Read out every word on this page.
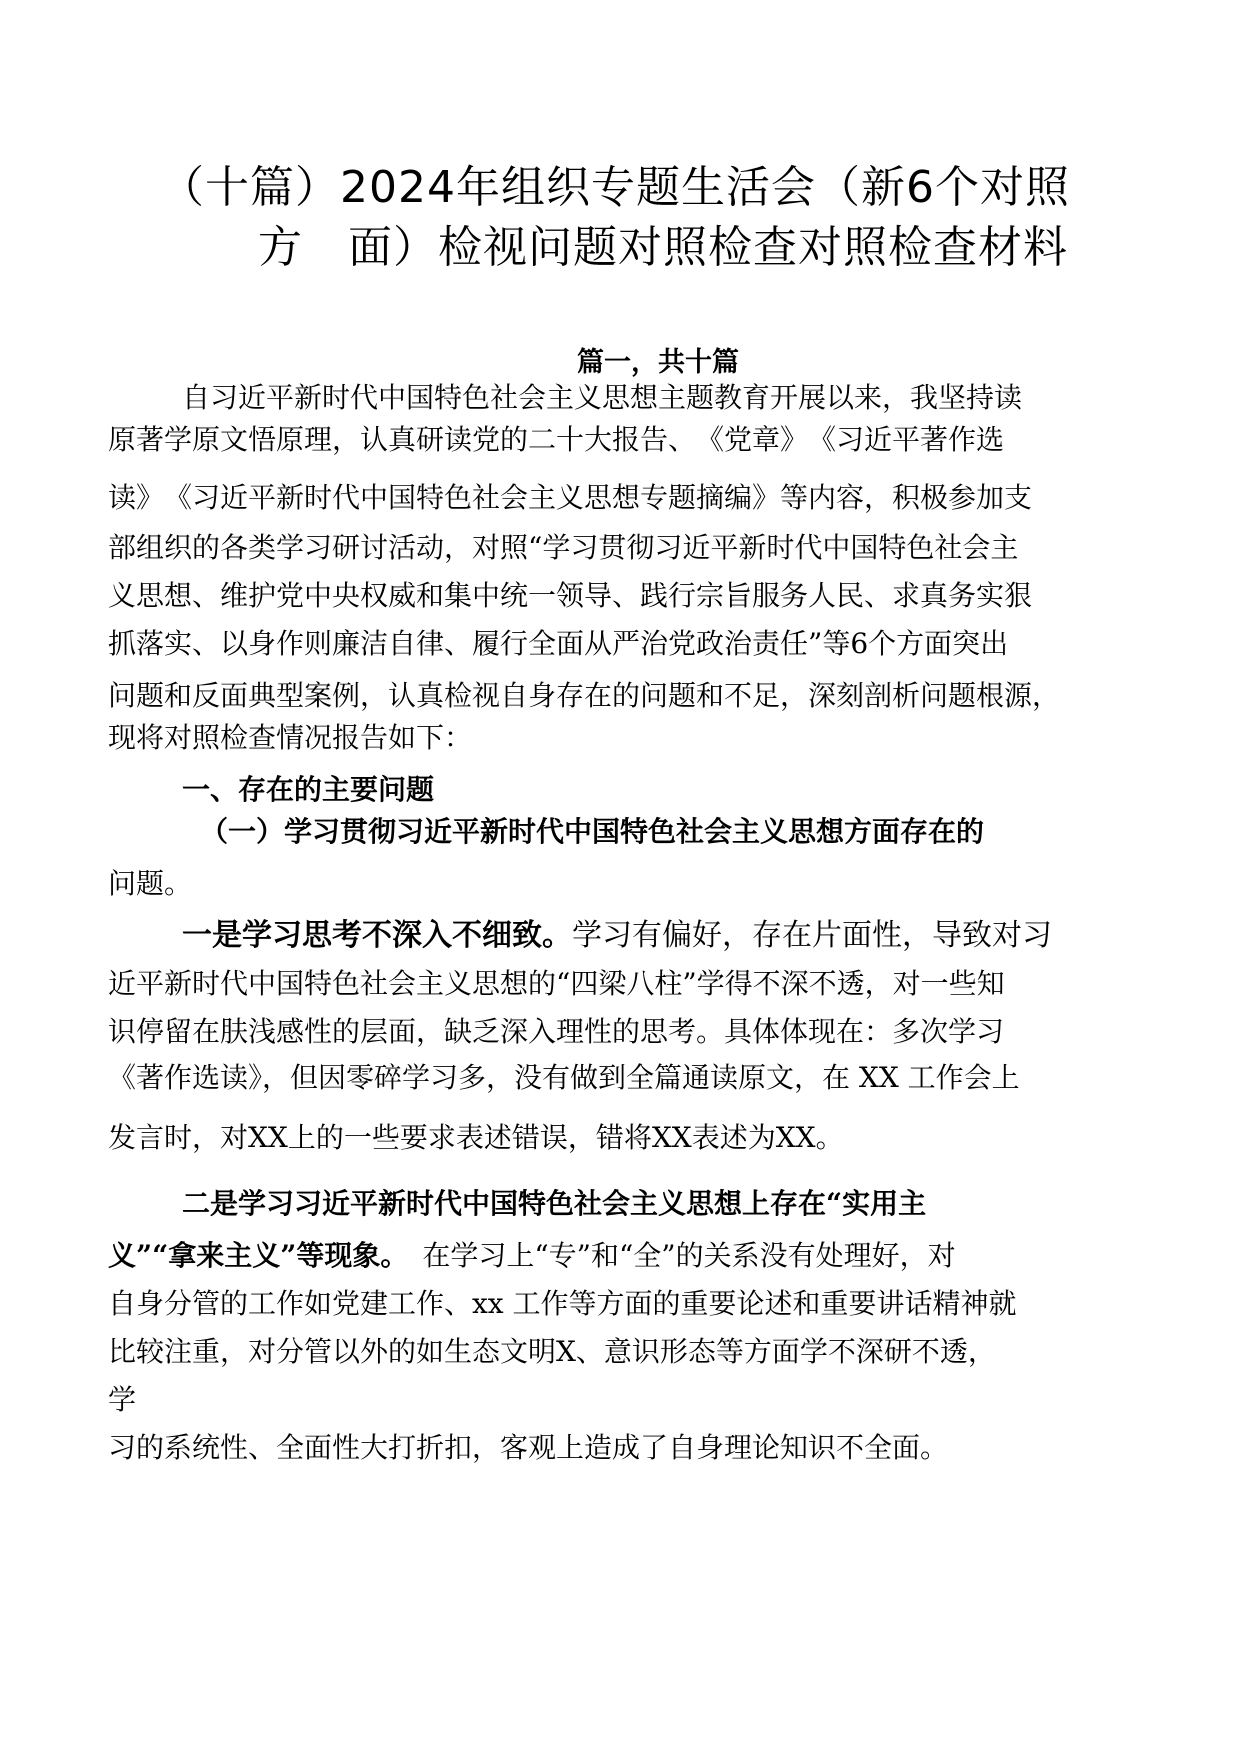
（十篇）2024年组织专题生活会（新6个对照
方　面）检视问题对照检查对照检查材料
篇一，共十篇
自习近平新时代中国特色社会主义思想主题教育开展以来，我坚持读
原著学原文悟原理，认真研读党的二十大报告、　《党章》　《习近平著作选
读》　《习近平新时代中国特色社会主义思想专题摘编》等内容，积极参加支
部组织的各类学习研讨活动，对照“学习贯彻习近平新时代中国特色社会主
义思想、维护党中央权威和集中统一领导、践行宗旨服务人民、求真务实狠
抓落实、以身作则廉洁自律、履行全面从严治党政治责任”等6个方面突出
问题和反面典型案例，认真检视自身存在的问题和不足，深刻剖析问题根源，
现将对照检查情况报告如下：
一、存在的主要问题
（一）学习贯彻习近平新时代中国特色社会主义思想方面存在的
问题。
一是学习思考不深入不细致。学习有偏好，存在片面性，导致对习
近平新时代中国特色社会主义思想的“四梁八柱”学得不深不透，对一些知
识停留在肤浅感性的层面，缺乏深入理性的思考。具体体现在：多次学习
《著作选读》，但因零碎学习多，没有做到全篇通读原文，在 XX 工作会上
发言时，对XX上的一些要求表述错误，错将XX表述为XX。
二是学习习近平新时代中国特色社会主义思想上存在“实用主
义”“拿来主义”等现象。　 在学习上“专”和“全”的关系没有处理好，对
自身分管的工作如党建工作、xx 工作等方面的重要论述和重要讲话精神就
比较注重，对分管以外的如生态文明X、意识形态等方面学不深研不透，
学
习的系统性、全面性大打折扣，客观上造成了自身理论知识不全面。
